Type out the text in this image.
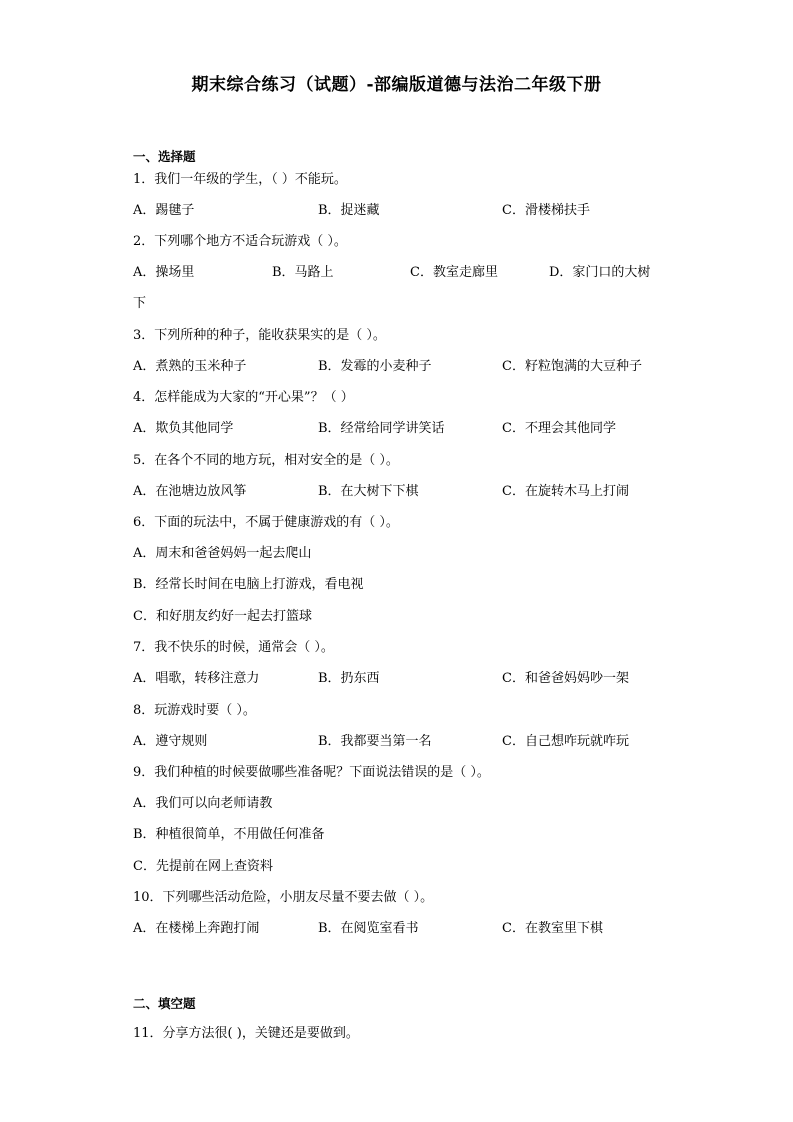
期末综合练习（试题）-部编版道德与法治二年级下册
一、选择题
1．我们一年级的学生，（ ）不能玩。
A．踢毽子	B．捉迷藏	C．滑楼梯扶手
2．下列哪个地方不适合玩游戏（ ）。
A．操场里	B．马路上	C．教室走廊里	D．家门口的大树
下
3．下列所种的种子，能收获果实的是（ ）。
A．煮熟的玉米种子	B．发霉的小麦种子	C．籽粒饱满的大豆种子
4．怎样能成为大家的“开心果”？（ ）
A．欺负其他同学	B．经常给同学讲笑话	C．不理会其他同学
5．在各个不同的地方玩，相对安全的是（ ）。
A．在池塘边放风筝	B．在大树下下棋	C．在旋转木马上打闹
6．下面的玩法中，不属于健康游戏的有（ ）。
A．周末和爸爸妈妈一起去爬山
B．经常长时间在电脑上打游戏，看电视
C．和好朋友约好一起去打篮球
7．我不快乐的时候，通常会（ ）。
A．唱歌，转移注意力	B．扔东西	C．和爸爸妈妈吵一架
8．玩游戏时要（ ）。
A．遵守规则	B．我都要当第一名	C．自己想咋玩就咋玩
9．我们种植的时候要做哪些准备呢？下面说法错误的是（ ）。
A．我们可以向老师请教
B．种植很简单，不用做任何准备
C．先提前在网上查资料
10．下列哪些活动危险，小朋友尽量不要去做（ ）。
A．在楼梯上奔跑打闹	B．在阅览室看书	C．在教室里下棋
二、填空题
11．分享方法很( )，关键还是要做到。
